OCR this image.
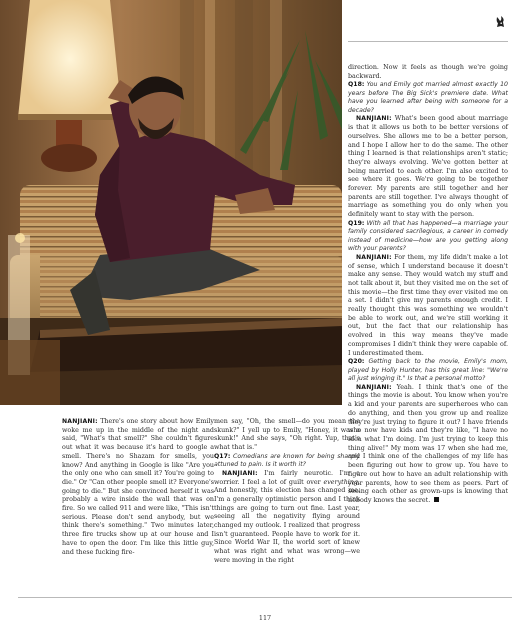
direction. Now it feels as though we're going backward.

Q18: You and Emily got married almost exactly 10 years before The Big Sick's premiere date. What have you learned after being with someone for a decade?

NANJIANI: What's been good about marriage is that it allows us both to be better versions of ourselves. She allows me to be a better person, and I hope I allow her to do the same. The other thing I learned is that relationships aren't static; they're always evolving. We've gotten better at being married to each other. I'm also excited to see where it goes. We're going to be together forever. My parents are still together and her parents are still together. I've always thought of marriage as something you do only when you definitely want to stay with the person.

Q19: With all that has happened—a marriage your family considered sacrilegious, a career in comedy instead of medicine—how are you getting along with your parents?

NANJIANI: For them, my life didn't make a lot of sense, which I understand because it doesn't make any sense. They would watch my stuff and not talk about it, but they visited me on the set of this movie—the first time they ever visited me on a set. I didn't give my parents enough credit. I really thought this was something we wouldn't be able to work out, and we're still working it out, but the fact that our relationship has evolved in this way means they've made compromises I didn't think they were capable of. I underestimated them.

Q20: Getting back to the movie, Emily's mom, played by Holly Hunter, has this great line: "We're all just winging it." Is that a personal motto?

NANJIANI: Yeah. I think that's one of the things the movie is about. You know when you're a kid and your parents are superheroes who can do anything, and then you grow up and realize they're just trying to figure it out? I have friends who now have kids and they're like, "I have no idea what I'm doing. I'm just trying to keep this thing alive!" My mom was 17 when she had me, and I think one of the challenges of my life has been figuring out how to grow up. You have to figure out how to have an adult relationship with your parents, how to see them as peers. Part of seeing each other as grown-ups is knowing that nobody knows the secret.

NANJIANI: There's one story about how Emily woke me up in the middle of the night and said, "What's that smell?" She couldn't figure out what it was because it's hard to google a smell. There's no Shazam for smells, you know? And anything in Google is like "Are you the only one who can smell it? You're going to die." Or "Can other people smell it? Everyone's going to die." But she convinced herself it was probably a wire inside the wall that was on fire. So we called 911 and were like, "This isn't serious. Please don't send anybody, but we think there's something." Two minutes later, three fire trucks show up at our house and I have to open the door. I'm like this little guy, and these fucking fire-

men say, "Oh, the smell—do you mean the skunk?" I yell up to Emily, "Honey, it was a skunk!" And she says, "Oh right. Yup, that's what that is."

Q17: Comedians are known for being sharply attuned to pain. Is it worth it?

NANJIANI: I'm fairly neurotic. I'm a worrier. I feel a lot of guilt over everything. And honestly, this election has changed me. I'm a generally optimistic person and I think things are going to turn out fine. Last year, seeing all the negativity flying around changed my outlook. I realized that progress isn't guaranteed. People have to work for it. Since World War II, the world sort of knew what was right and what was wrong—we were moving in the right

117
